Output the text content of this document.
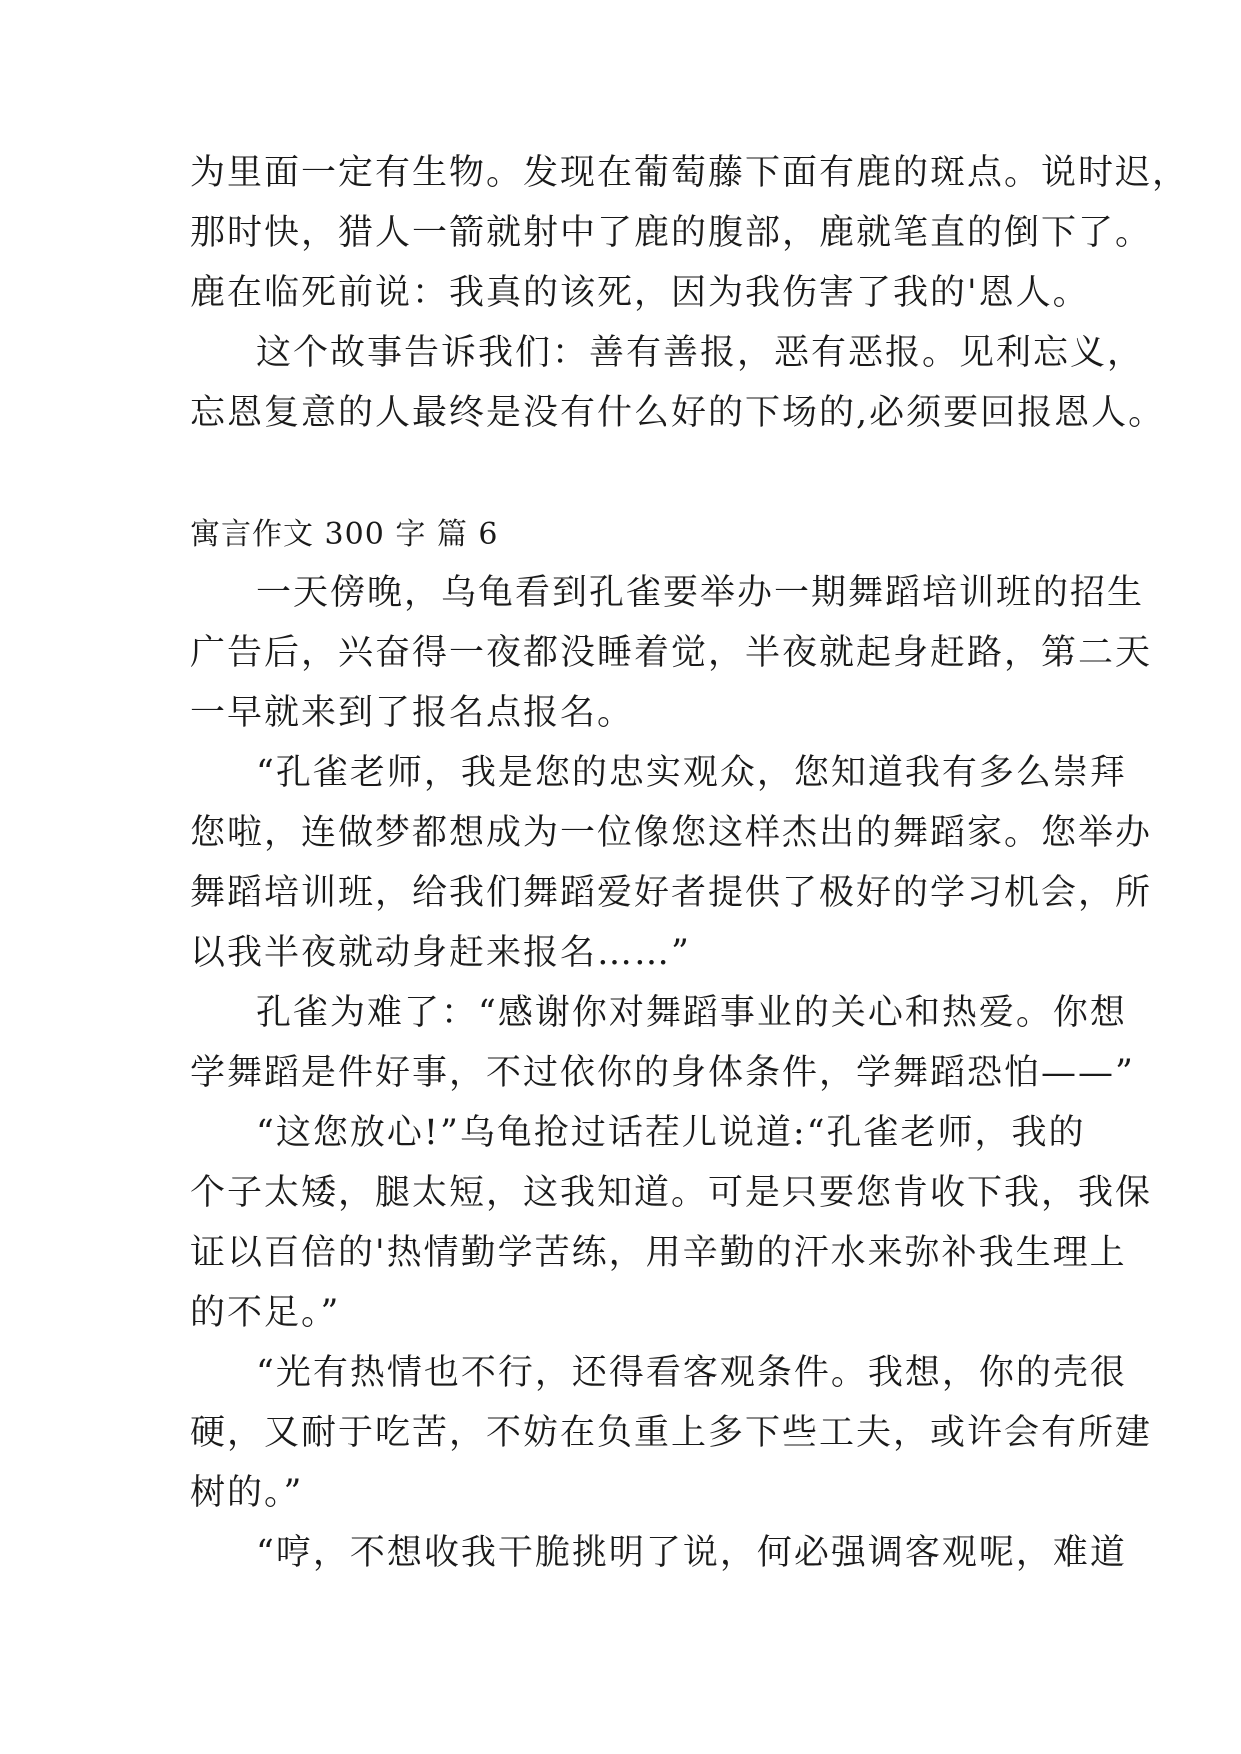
为里面一定有生物。发现在葡萄藤下面有鹿的斑点。说时迟，
那时快，猎人一箭就射中了鹿的腹部，鹿就笔直的倒下了。
鹿在临死前说：我真的该死，因为我伤害了我的'恩人。
这个故事告诉我们：善有善报，恶有恶报。见利忘义，
忘恩复意的人最终是没有什么好的下场的,必须要回报恩人。
寓言作文 300 字 篇 6
一天傍晚，乌龟看到孔雀要举办一期舞蹈培训班的招生
广告后，兴奋得一夜都没睡着觉，半夜就起身赶路，第二天
一早就来到了报名点报名。
“孔雀老师，我是您的忠实观众，您知道我有多么崇拜
您啦，连做梦都想成为一位像您这样杰出的舞蹈家。您举办
舞蹈培训班，给我们舞蹈爱好者提供了极好的学习机会，所
以我半夜就动身赶来报名……”
孔雀为难了：“感谢你对舞蹈事业的关心和热爱。你想
学舞蹈是件好事，不过依你的身体条件，学舞蹈恐怕——”
“这您放心!”乌龟抢过话茬儿说道:“孔雀老师，我的
个子太矮，腿太短，这我知道。可是只要您肯收下我，我保
证以百倍的'热情勤学苦练，用辛勤的汗水来弥补我生理上
的不足。”
“光有热情也不行，还得看客观条件。我想，你的壳很
硬，又耐于吃苦，不妨在负重上多下些工夫，或许会有所建
树的。”
“哼，不想收我干脆挑明了说，何必强调客观呢，难道
